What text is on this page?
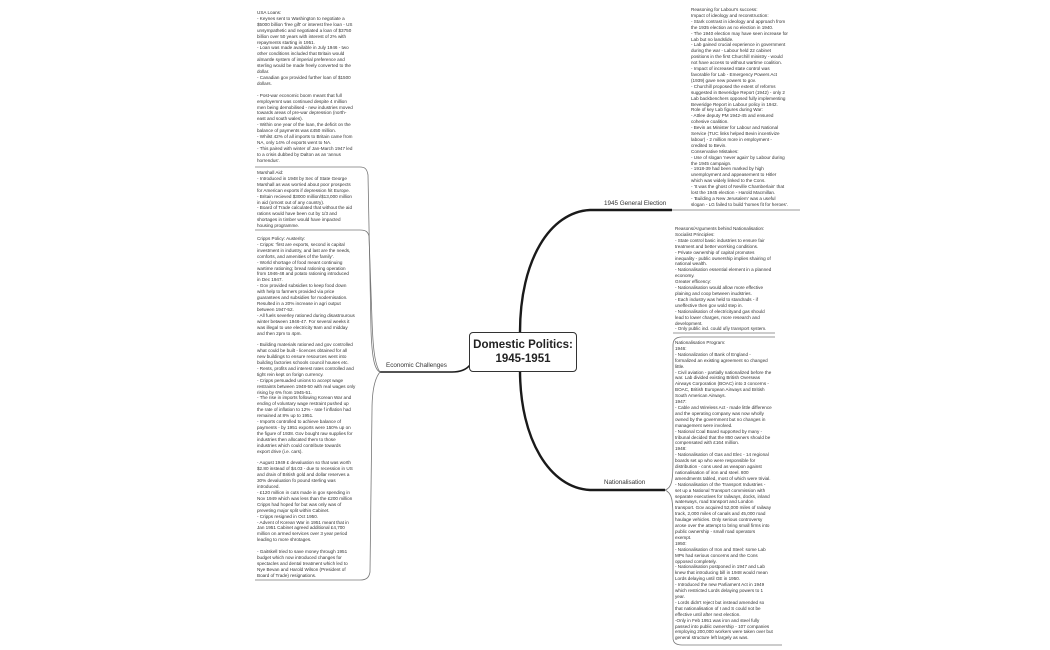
Domestic Politics:
1945-1951
Economic Challenges
1945 General Election
Nationalisation
USA Loans:
- Keynes sent to Washington to negotiate a
$5000 billion 'free gift' or interest free loan - US
unsympathetic and negotiated a loan of $3750
billion over 50 years with interest of 2% with
repayments starting in 1951.
- Loan was made available in July 1946 - two
other conditions included that Britain would
almantle system of imperial preference and
sterling would be made freely converted to the
dollar.
- Canadian gov provided further loan of $1500
dollars.

- Post-war economic boom meant that full
employemnt was continued despite 4 million
men being demobilised - new industries moved
towards areas of pre-war depression (north-
east and south wales).
- Within one year of the loan, the deficit on the
balance of payments was £450 million.
- Whilst 42% of all imports to Britain came from
NA, only 14% of exports went to NA.
- This paired with winter of Jan-March 1947 led
to a crisis dubbed by Dalton as an 'annus
horrendus'.
Marshall Aid:
- Introduced in 1948 by Sec of State George
Marshall as was worried about poor prospects
for American exports if depression hit Europe.
- Britain recieved $3000 million/$13,000 million
in aid (ornost out of any country).
- Board of Trade calculated that without the aid
rations would have been cut by 1/3 and
shortages in timber would have impacted
housing programme.
Cripps Policy: Austerity:
- Cripps: 'first are exports, second is capital
investment in industry, and last are the needs,
comforts, and amenities of the family'.
- World shortage of food meant continuing
wartime rationing; bread rationing operation
from 1946-48 and potato rationing introduced
in Dec 1947.
- Gov provided subsidies to keep food down
with help to farmers provided via price
guarantees and subsidies for modernisation.
Resulted in a 20% increase in agri output
between 1947-52.
- All fuels severley rationed during disastrourous
winter between 1946-47. For several weeks it
was illegal to use electricity 9am and midday
and then 2pm to 4pm.

- Building materials rationed and gov controlled
what could be built - licences obtained for all
new buildings to ensure resources went into
building factories schools council houses etc.
- Rents, profits and interest rates controlled and
tight rein kept on forign currency.
- Cripps persuaded unions to accept wage
restraints between 1948-50 with real wages only
rising by 6% from 1945-51.
- The rise in imports following Korean War and
ending of voluntary wage restraint pushed up
the rate of inflation to 12% - rate f inflation had
remained at 8% up to 1951.
- Imports controlled to achieve balance of
payments - by 1951 exports were 150% up on
the figure of 1938. Gov bought raw supplies for
industries then allocated them to those
industries which could contribute towards
export drive (i.e. cars).

- August 1949 £ devaluation so that was worth
$2.80 instead of $4.03 - due to recession in US
and drain of British gold and dollar reserves a
30% devaluation fo pound sterling was
introduced.
- £120 million in cuts made in gov spending in
Nov 1949 which was less than the £200 million
Cripps had hoped for but was only was of
preveting major split within Cabinet.
- Cripps resigned in Oct 1950.
- Advent of Korean War in 1951 meant that in
Jan 1951 Cabinet agreed additional £4,700
million on armed services over 3 year period
leading to more shrotages.

- Gaitskell tried to save money through 1951
budget which now introduced changes for
spectacles and dental treatment which led to
Nye Bevan and Harold Wilson (President of
Board of Trade) resignations.
Reasoning for Labour's success:
Impact of ideology and reconstruction:
- Stark contrast in ideology and approach from
the 1935 election as no election in 1940.
- The 1940 election may have seen increase for
Lab but no landslide.
- Lab gained crucial experience in government
during the war - Labour held 22 cabinet
positions in the first Churchill ministry - would
not have access to without wartime coalition.
- Impact of increased state control was
favorable for Lab - Emergency Powers Act
(1939) gave new powers to gov.
- Churchill proposed the extent of reforms
suggested in Beveridge Report (1942) - only 2
Lab backbenchers opposed fully implementing
Beveridge Report in Labour policy in 1942.
Role of key Lab figures during War:
- Attlee deputy PM 1942-45 and ensured
cohesive coalition.
- Bevin as Minister for Labour and National
Service (TUC links helped Bevin incentivize
labour) - 2 million more in employment -
credited to Bevin.
Conservative Mistakes:
- Use of slogan 'never again' by Labour during
the 1945 campaign.
- 1918-39 had been marked by high
unemployment and appeasement to Hitler
which was widely linked to the Cons.
- 'It was the ghost of Neville Chamberlain' that
lost the 1945 election - Harold Macmillan.
- 'Building a New Jerusalem' was a useful
slogan - LG failed to build 'homes fit for heroes'.
Reasons/Arguments behind Nationalisation:
Socialist Principles:
- State control basic industries to ensure fair
treatment and better worrking conditions.
- Private ownership of capital promotes
inequality - public ownership implies shairing of
national wealth.
- Nationalisation essential element in a planned
economy.
Greater efficency:
- Nationalisation would allow more effective
plaining and coop between inudstries.
- Each industry was held to standrads - if
uneffective then gov wold step in.
- Nationalisation of electricityand gas should
lead to lower charges, more research and
development.
- Only public ind. could ufiy transport system.
Nationalisation Program:
1946:
- Nationalization of Bank of England -
formalized an existing agreement so changed
little.
- Civil aviation - partially nationalized before the
war. Lab divided existing British Overseas
Airways Corporation (BOAC) into 3 concerns -
BOAC, British European Airways and British
South American Airways.
1947:
- Cable and Wireless Act - made little difference
and the operating company was now wholly
owned by the government but no changes in
management were involved.
- National Coal Board supported by many -
tribunal decided that the 850 owners should be
compensated with £164 million.
1948:
- Nationalisation of Gas and Elec - 14 regional
boards set up who were responsible for
distribution - cons used as weapon against
nationalisation of iron and steel. 800
amendments tabled, most of which were trivial.
- Nationalisation of the Transport Industries -
set up a National Transport commission with
separate executives for railways, docks, inland
waterways, road transport and London
transport. Gov acquired 52,000 miles of railway
track, 2,000 miles of canals and 45,000 road
haulage vehicles. Only serious controversy
arose over the attempt to bring small firms into
public ownership - small road operators
exempt.
1950:
- Nationalisation of Iron and Steel: some Lab
MPs had serious concerns and the Cons
opposed completely.
- Nationalisation postponed in 1947 and Lab
knew that introducing bill in 1948 would mean
Lords delaying until GE in 1950.
- Introduced the new Parliament Act in 1949
which restricted Lords delaying powers to 1
year.
- Lords didn't reject but instead amended so
that nationalisation of I and S could not be
effective until after next election.
-Only in Feb 1951 was iron and steel fully
passed into public ownership - 107 companies
employing 200,000 workers were taken over but
general structure left largely as was.
